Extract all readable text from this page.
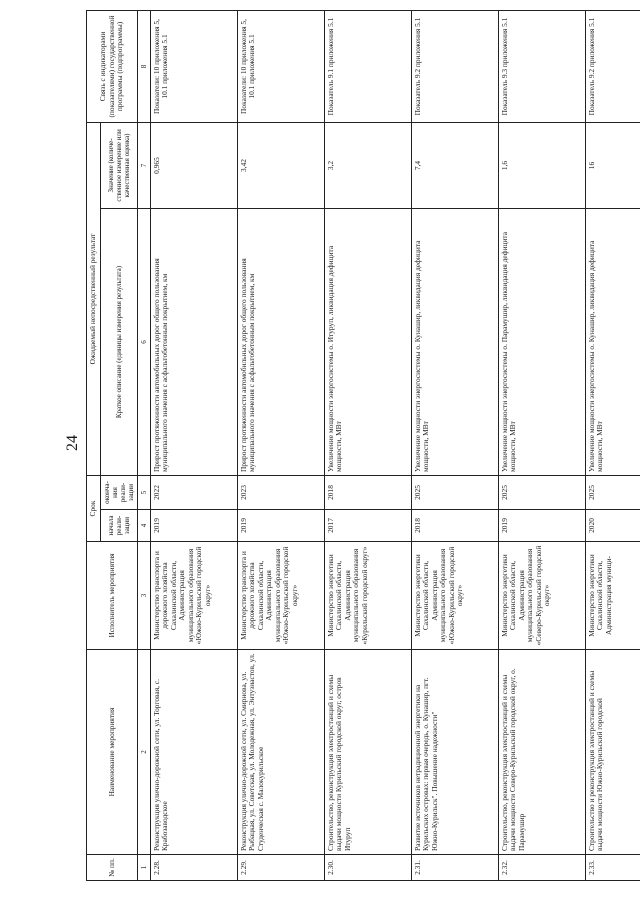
24
№ пп.	Наименование мероприятия	Исполнитель мероприятия	Срок		Ожидаемый непосредственный результат		Связь с индикаторами (показателями) государственной программы (подпрограммы)
			начала реали-зации	оконча-ния реали-зации	Краткое описание (единицы измерения результата)	Значение (количе-ственное измерение или качественная оценка)	
1	2	3	4	5	6	7	8
2.28.	Реконструкция улично-дорожной сети, ул. Торговая, с. Крабозаводское	Министерство транспорта и дорожного хозяйства Сахалинской области, Администрация муниципального образования «Южно-Курильский городской округ»	2019	2022	Прирост протяженности автомобильных дорог общего пользования муниципального значения с асфальтобетонным покрытием, км	0,965	Показатели: 10 приложения 5, 10.1 приложения 5.1
2.29.	Реконструкция улично-дорожной сети, ул. Смирнова, ул. Рыбацкая, ул. Советская, ул. Молодежная, ул. Энтузиастов, ул. Студенческая с. Малокурильское	Министерство транспорта и дорожного хозяйства Сахалинской области, Администрация муниципального образования «Южно-Курильский городской округ»	2019	2023	Прирост протяженности автомобильных дорог общего пользования муниципального значения с асфальтобетонным покрытием, км	3,42	Показатели: 10 приложения 5, 10.1 приложения 5.1
2.30.	Строительство, реконструкция электростанций и схемы выдачи мощности Курильский городской округ, остров Итуруп	Министерство энергетики Сахалинской области, Администрация муниципального образования «Курильский городской округ»	2017	2018	Увеличение мощности энергосистемы о. Итуруп, ликвидация дефицита мощности, МВт	3,2	Показатель 9.1 приложения 5.1
2.31.	Развитие источников нетрадиционной энергетики на Курильских островах: первая очередь, о. Кунашир, пгт. Южно-Курильск". Повышение надежности"	Министерство энергетики Сахалинской области, Администрация муниципального образования «Южно-Курильский городской округ»	2018	2025	Увеличение мощности энергосистемы о. Кунашир, ликвидация дефицита мощности, МВт	7,4	Показатель 9.2 приложения 5.1
2.32.	Строительство, реконструкция электростанций и схемы выдачи мощности Северо-Курильский городской округ, о. Парамушир	Министерство энергетики Сахалинской области, Администрация муниципального образования «Северо-Курильский городской округ»	2019	2025	Увеличение мощности энергосистемы о. Парамушир, ликвидация дефицита мощности, МВт	1,6	Показатель 9.3 приложения 5.1
2.33.	Строительство и реконструкция электростанций и схемы выдачи мощности Южно-Курильский городской	Министерство энергетики Сахалинской области, Администрация муници-	2020	2025	Увеличение мощности энергосистемы о. Кунашир, ликвидация дефицита мощности, МВт	16	Показатель 9.2 приложения 5.1
